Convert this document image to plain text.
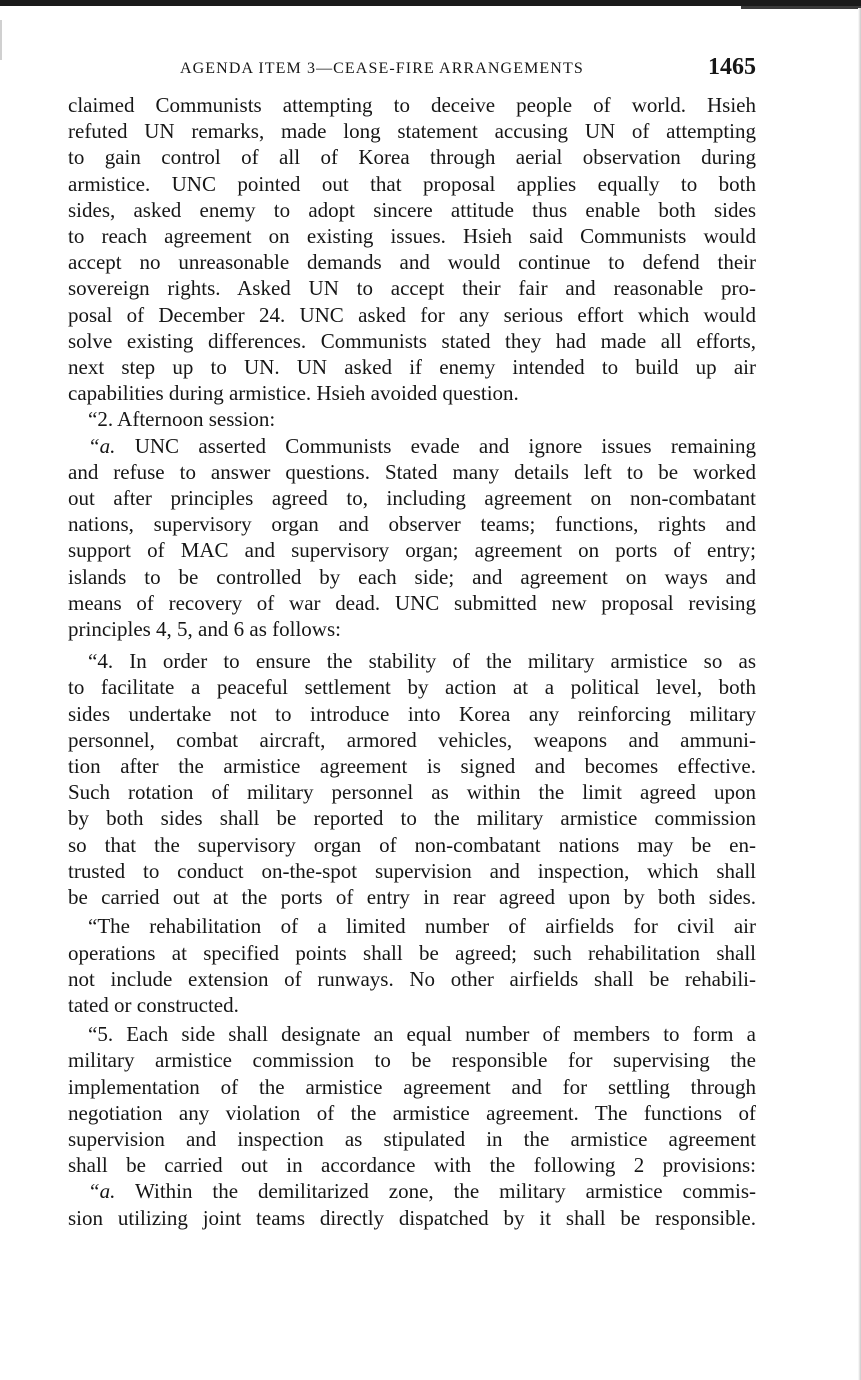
AGENDA ITEM 3—CEASE-FIRE ARRANGEMENTS	1465
claimed Communists attempting to deceive people of world. Hsieh
refuted UN remarks, made long statement accusing UN of attempting
to gain control of all of Korea through aerial observation during
armistice. UNC pointed out that proposal applies equally to both
sides, asked enemy to adopt sincere attitude thus enable both sides
to reach agreement on existing issues. Hsieh said Communists would
accept no unreasonable demands and would continue to defend their
sovereign rights. Asked UN to accept their fair and reasonable pro-
posal of December 24. UNC asked for any serious effort which would
solve existing differences. Communists stated they had made all efforts,
next step up to UN. UN asked if enemy intended to build up air
capabilities during armistice. Hsieh avoided question.
“2. Afternoon session:
“a. UNC asserted Communists evade and ignore issues remaining
and refuse to answer questions. Stated many details left to be worked
out after principles agreed to, including agreement on non-combatant
nations, supervisory organ and observer teams; functions, rights and
support of MAC and supervisory organ; agreement on ports of entry;
islands to be controlled by each side; and agreement on ways and
means of recovery of war dead. UNC submitted new proposal revising
principles 4, 5, and 6 as follows:
“4. In order to ensure the stability of the military armistice so as
to facilitate a peaceful settlement by action at a political level, both
sides undertake not to introduce into Korea any reinforcing military
personnel, combat aircraft, armored vehicles, weapons and ammuni-
tion after the armistice agreement is signed and becomes effective.
Such rotation of military personnel as within the limit agreed upon
by both sides shall be reported to the military armistice commission
so that the supervisory organ of non-combatant nations may be en-
trusted to conduct on-the-spot supervision and inspection, which shall
be carried out at the ports of entry in rear agreed upon by both sides.
“The rehabilitation of a limited number of airfields for civil air
operations at specified points shall be agreed; such rehabilitation shall
not include extension of runways. No other airfields shall be rehabili-
tated or constructed.
“5. Each side shall designate an equal number of members to form a
military armistice commission to be responsible for supervising the
implementation of the armistice agreement and for settling through
negotiation any violation of the armistice agreement. The functions of
supervision and inspection as stipulated in the armistice agreement
shall be carried out in accordance with the following 2 provisions:
“a. Within the demilitarized zone, the military armistice commis-
sion utilizing joint teams directly dispatched by it shall be responsible.
